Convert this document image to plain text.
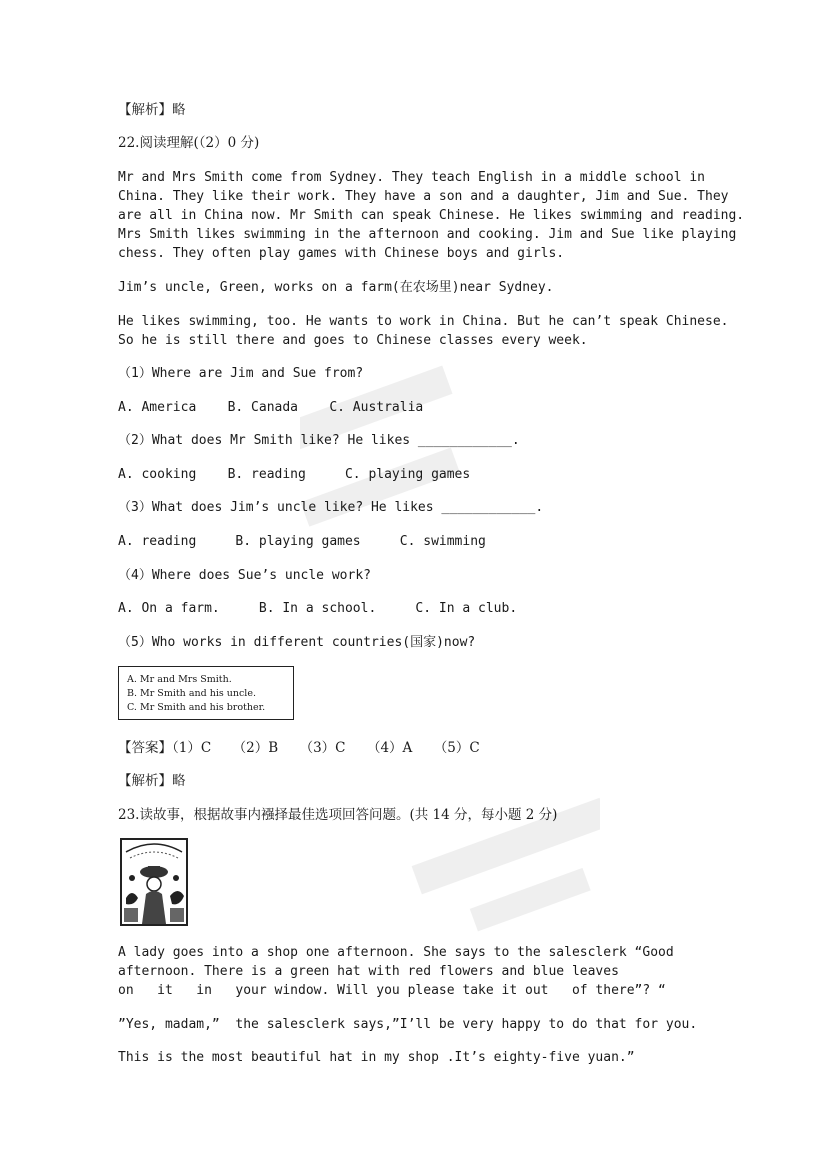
【解析】略
22.阅读理解(（2）0 分)
Mr and Mrs Smith come from Sydney. They teach English in a middle school in
China. They like their work. They have a son and a daughter, Jim and Sue. They
are all in China now. Mr Smith can speak Chinese. He likes swimming and reading.
Mrs Smith likes swimming in the afternoon and cooking. Jim and Sue like playing
chess. They often play games with Chinese boys and girls.
Jim’s uncle, Green, works on a farm(在农场里)near Sydney.
He likes swimming, too. He wants to work in China. But he can’t speak Chinese.
So he is still there and goes to Chinese classes every week.
（1）Where are Jim and Sue from?
A. America    B. Canada    C. Australia
（2）What does Mr Smith like? He likes ____________.
A. cooking    B. reading     C. playing games
（3）What does Jim’s uncle like? He likes ____________.
A. reading     B. playing games     C. swimming
（4）Where does Sue’s uncle work?
A. On a farm.     B. In a school.     C. In a club.
（5）Who works in different countries(国家)now?
A. Mr and Mrs Smith.
B. Mr Smith and his uncle.
C. Mr Smith and his brother.
【答案】（1）C     （2）B     （3）C     （4）A     （5）C
【解析】略
23.读故事，根据故事内襁择最佳选项回答问题。(共 14 分，每小题 2 分)
A lady goes into a shop one afternoon. She says to the salesclerk “Good
afternoon. There is a green hat with red flowers and blue leaves
on   it   in   your window. Will you please take it out   of there”? “
”Yes, madam,”  the salesclerk says,”I’ll be very happy to do that for you.
This is the most beautiful hat in my shop .It’s eighty-five yuan.”
